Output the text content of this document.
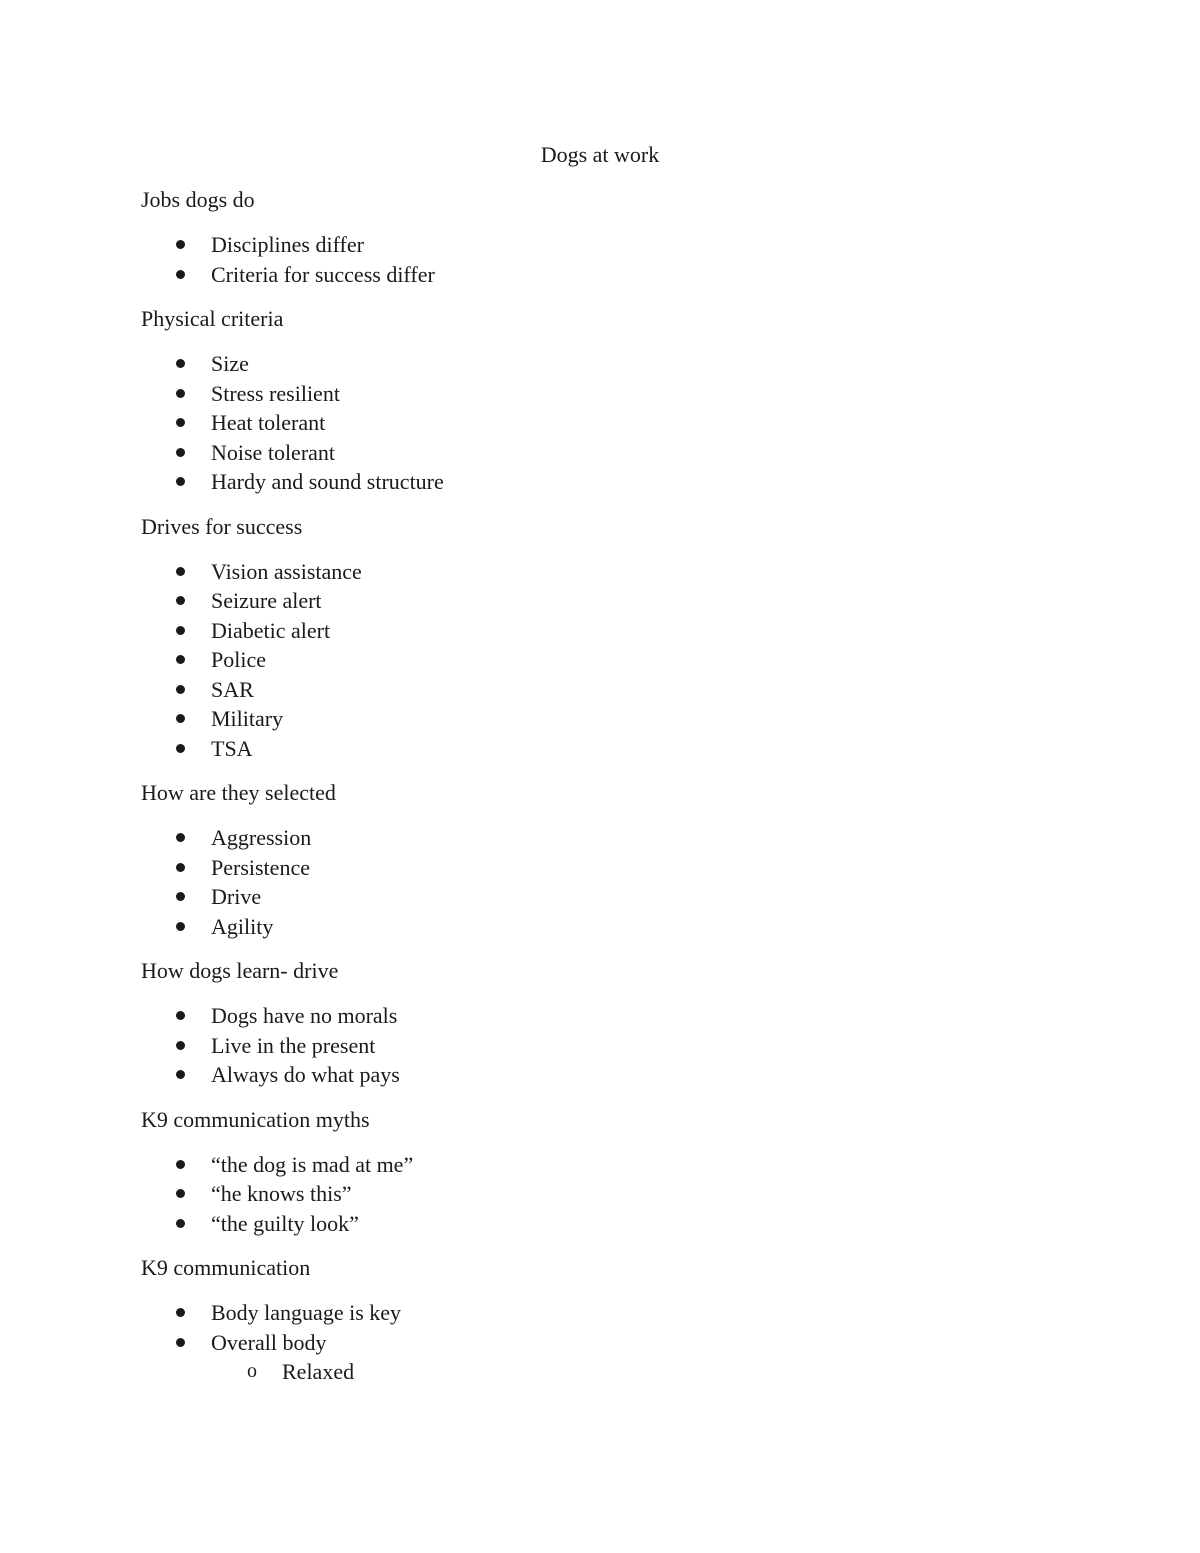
Dogs at work
Jobs dogs do
Disciplines differ
Criteria for success differ
Physical criteria
Size
Stress resilient
Heat tolerant
Noise tolerant
Hardy and sound structure
Drives for success
Vision assistance
Seizure alert
Diabetic alert
Police
SAR
Military
TSA
How are they selected
Aggression
Persistence
Drive
Agility
How dogs learn- drive
Dogs have no morals
Live in the present
Always do what pays
K9 communication myths
“the dog is mad at me”
“he knows this”
“the guilty look”
K9 communication
Body language is key
Overall body
o Relaxed
